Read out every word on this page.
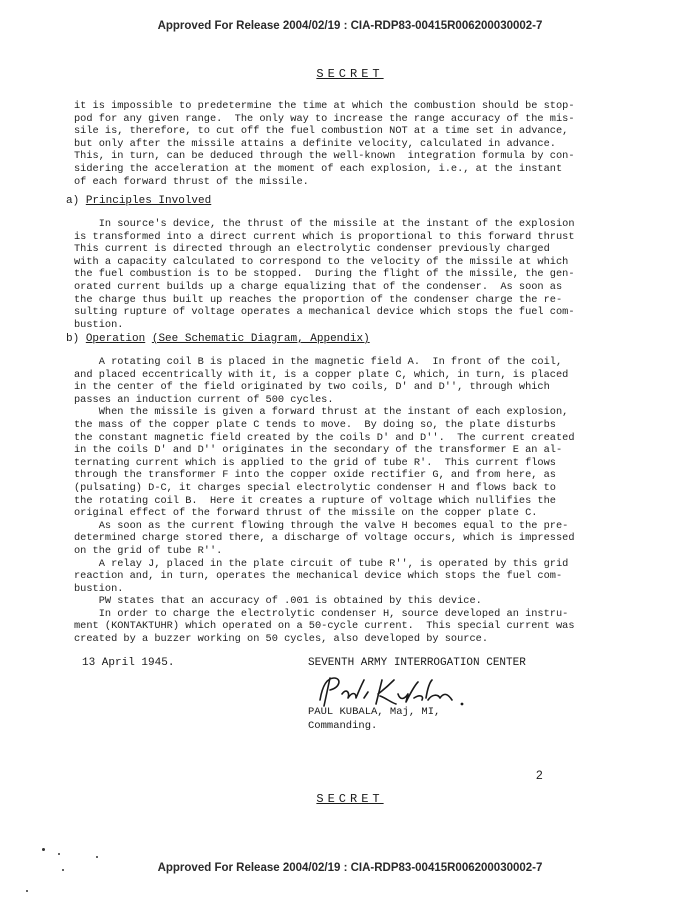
Approved For Release 2004/02/19 : CIA-RDP83-00415R006200030002-7
SECRET

it is impossible to predetermine the time at which the combustion should be stop-
pod for any given range.  The only way to increase the range accuracy of the mis-
sile is, therefore, to cut off the fuel combustion NOT at a time set in advance,
but only after the missile attains a definite velocity, calculated in advance.
This, in turn, can be deduced through the well-known  integration formula by con-
sidering the acceleration at the moment of each explosion, i.e., at the instant
of each forward thrust of the missile.

a) Principles Involved

In source's device, the thrust of the missile at the instant of the explosion
is transformed into a direct current which is proportional to this forward thrust
This current is directed through an electrolytic condenser previously charged
with a capacity calculated to correspond to the velocity of the missile at which
the fuel combustion is to be stopped.  During the flight of the missile, the gen-
orated current builds up a charge equalizing that of the condenser.  As soon as
the charge thus built up reaches the proportion of the condenser charge the re-
sulting rupture of voltage operates a mechanical device which stops the fuel com-
bustion.

b) Operation (See Schematic Diagram, Appendix)

A rotating coil B is placed in the magnetic field A.  In front of the coil,
and placed eccentrically with it, is a copper plate C, which, in turn, is placed
in the center of the field originated by two coils, D' and D'', through which
passes an induction current of 500 cycles.
When the missile is given a forward thrust at the instant of each explosion,
the mass of the copper plate C tends to move.  By doing so, the plate disturbs
the constant magnetic field created by the coils D' and D''.  The current created
in the coils D' and D'' originates in the secondary of the transformer E an al-
ternating current which is applied to the grid of tube R'.  This current flows
through the transformer F into the copper oxide rectifier G, and from here, as
(pulsating) D-C, it charges special electrolytic condenser H and flows back to
the rotating coil B.  Here it creates a rupture of voltage which nullifies the
original effect of the forward thrust of the missile on the copper plate C.
As soon as the current flowing through the valve H becomes equal to the pre-
determined charge stored there, a discharge of voltage occurs, which is impressed
on the grid of tube R''.
A relay J, placed in the plate circuit of tube R'', is operated by this grid
reaction and, in turn, operates the mechanical device which stops the fuel com-
bustion.
PW states that an accuracy of .001 is obtained by this device.
In order to charge the electrolytic condenser H, source developed an instru-
ment (KONTAKTUHR) which operated on a 50-cycle current.  This special current was
created by a buzzer working on 50 cycles, also developed by source.

13 April 1945.	SEVENTH ARMY INTERROGATION CENTER
PAUL KUBALA, Maj, MI,
Commanding.
2
SECRET
Approved For Release 2004/02/19 : CIA-RDP83-00415R006200030002-7
